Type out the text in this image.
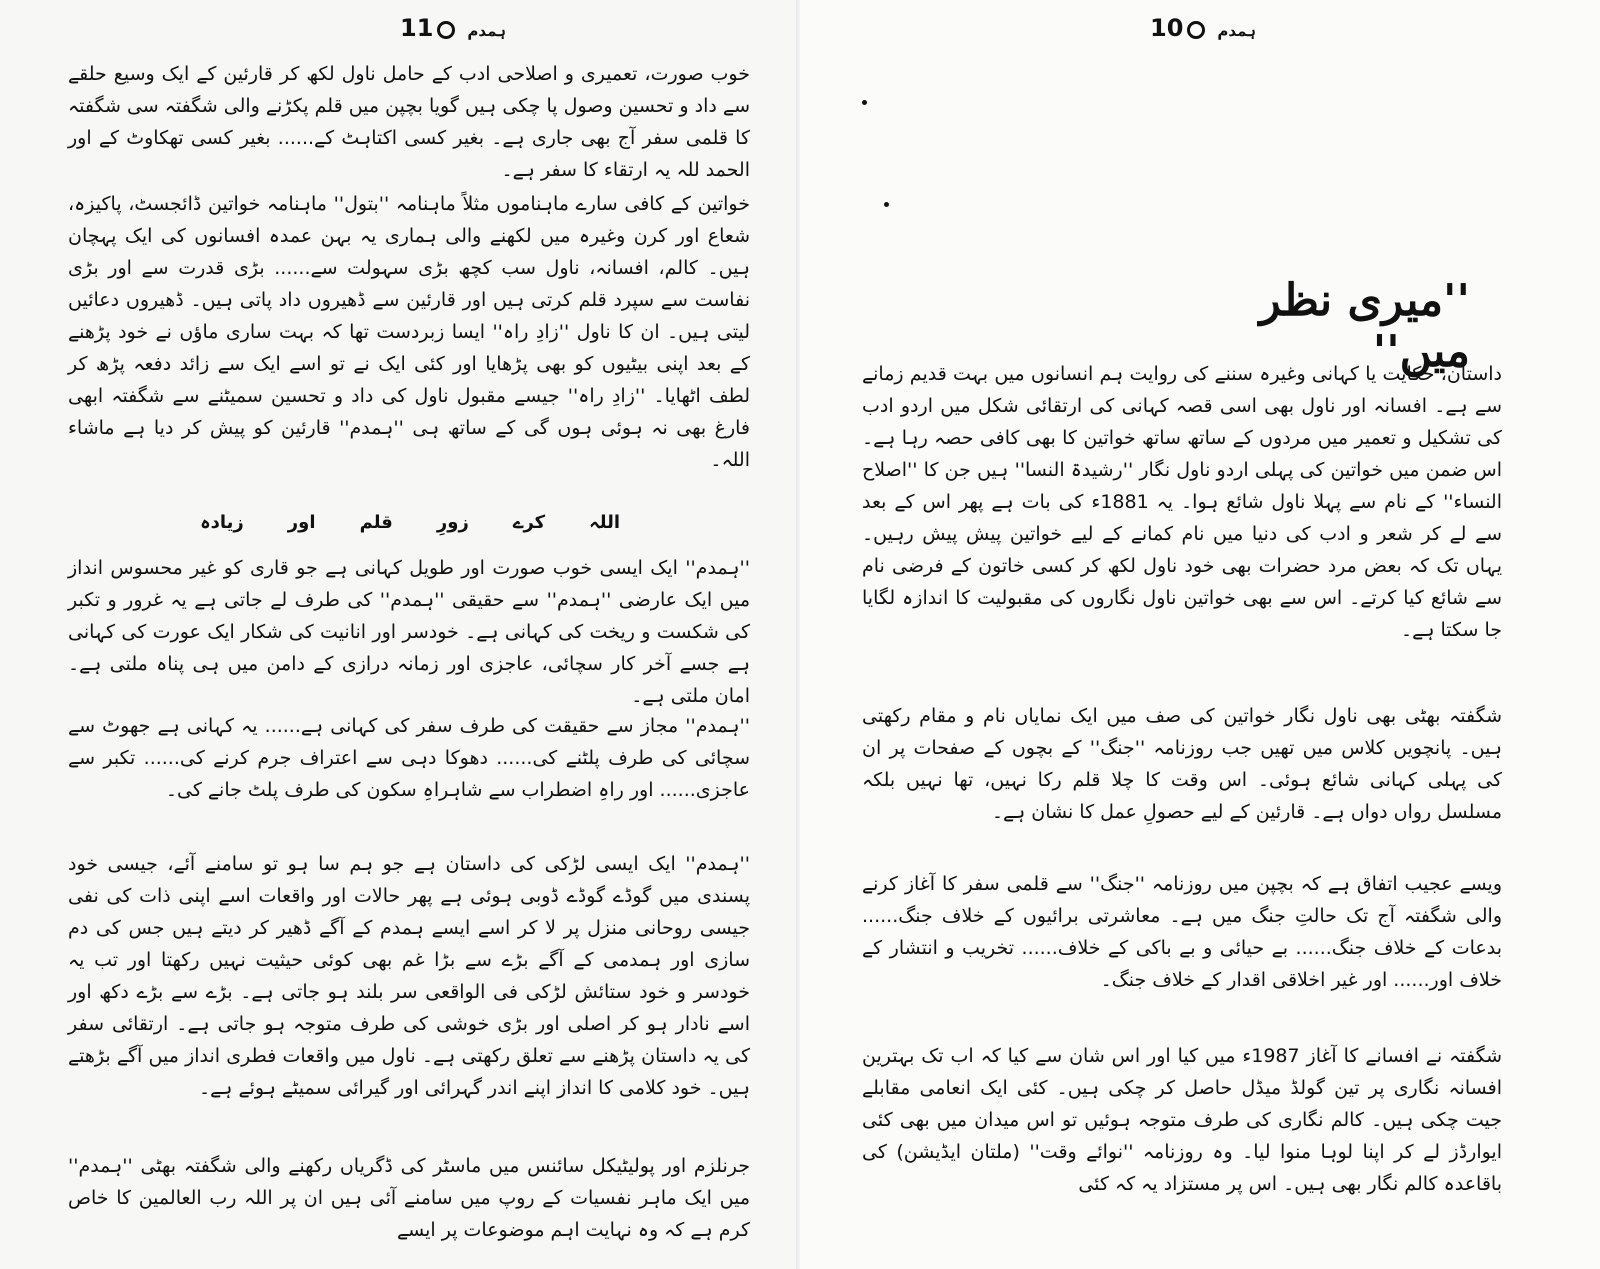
ہمدم11

خوب صورت، تعمیری و اصلاحی ادب کے حامل ناول لکھ کر قارئین کے ایک وسیع حلقے سے داد و تحسین وصول پا چکی ہیں گویا بچپن میں قلم پکڑنے والی شگفتہ سی شگفتہ کا قلمی سفر آج بھی جاری ہے۔ بغیر کسی اکتاہٹ کے...... بغیر کسی تھکاوٹ کے اور الحمد للہ یہ ارتقاء کا سفر ہے۔

خواتین کے کافی سارے ماہناموں مثلاً ماہنامہ ''بتول'' ماہنامہ خواتین ڈائجسٹ، پاکیزہ، شعاع اور کرن وغیرہ میں لکھنے والی ہماری یہ بہن عمدہ افسانوں کی ایک پہچان ہیں۔ کالم، افسانہ، ناول سب کچھ بڑی سہولت سے...... بڑی قدرت سے اور بڑی نفاست سے سپرد قلم کرتی ہیں اور قارئین سے ڈھیروں داد پاتی ہیں۔ ڈھیروں دعائیں لیتی ہیں۔ ان کا ناول ''زادِ راہ'' ایسا زبردست تھا کہ بہت ساری ماؤں نے خود پڑھنے کے بعد اپنی بیٹیوں کو بھی پڑھایا اور کئی ایک نے تو اسے ایک سے زائد دفعہ پڑھ کر لطف اٹھایا۔ ''زادِ راہ'' جیسے مقبول ناول کی داد و تحسین سمیٹنے سے شگفتہ ابھی فارغ بھی نہ ہوئی ہوں گی کے ساتھ ہی ''ہمدم'' قارئین کو پیش کر دیا ہے ماشاء اللہ۔

اللہ
کرے
زورِ
قلم
اور
زیادہ

''ہمدم'' ایک ایسی خوب صورت اور طویل کہانی ہے جو قاری کو غیر محسوس انداز میں ایک عارضی ''ہمدم'' سے حقیقی ''ہمدم'' کی طرف لے جاتی ہے یہ غرور و تکبر کی شکست و ریخت کی کہانی ہے۔ خودسر اور انانیت کی شکار ایک عورت کی کہانی ہے جسے آخر کار سچائی، عاجزی اور زمانہ درازی کے دامن میں ہی پناہ ملتی ہے۔ امان ملتی ہے۔

''ہمدم'' مجاز سے حقیقت کی طرف سفر کی کہانی ہے...... یہ کہانی ہے جھوٹ سے سچائی کی طرف پلٹنے کی...... دھوکا دہی سے اعتراف جرم کرنے کی...... تکبر سے عاجزی...... اور راہِ اضطراب سے شاہراہِ سکون کی طرف پلٹ جانے کی۔

''ہمدم'' ایک ایسی لڑکی کی داستان ہے جو ہم سا ہو تو سامنے آئے، جیسی خود پسندی میں گوڈے گوڈے ڈوبی ہوئی ہے پھر حالات اور واقعات اسے اپنی ذات کی نفی جیسی روحانی منزل پر لا کر اسے ایسے ہمدم کے آگے ڈھیر کر دیتے ہیں جس کی دم سازی اور ہمدمی کے آگے بڑے سے بڑا غم بھی کوئی حیثیت نہیں رکھتا اور تب یہ خودسر و خود ستائش لڑکی فی الواقعی سر بلند ہو جاتی ہے۔ بڑے سے بڑے دکھ اور اسے نادار ہو کر اصلی اور بڑی خوشی کی طرف متوجہ ہو جاتی ہے۔ ارتقائی سفر کی یہ داستان پڑھنے سے تعلق رکھتی ہے۔ ناول میں واقعات فطری انداز میں آگے بڑھتے ہیں۔ خود کلامی کا انداز اپنے اندر گہرائی اور گیرائی سمیٹے ہوئے ہے۔

جرنلزم اور پولیٹیکل سائنس میں ماسٹر کی ڈگریاں رکھنے والی شگفتہ بھٹی ''ہمدم'' میں ایک ماہر نفسیات کے روپ میں سامنے آئی ہیں ان پر اللہ رب العالمین کا خاص کرم ہے کہ وہ نہایت اہم موضوعات پر ایسے

ہمدم10
''میری نظر میں''

داستان، حکایت یا کہانی وغیرہ سننے کی روایت ہم انسانوں میں بہت قدیم زمانے سے ہے۔ افسانہ اور ناول بھی اسی قصہ کہانی کی ارتقائی شکل میں اردو ادب کی تشکیل و تعمیر میں مردوں کے ساتھ ساتھ خواتین کا بھی کافی حصہ رہا ہے۔ اس ضمن میں خواتین کی پہلی اردو ناول نگار ''رشیدۃ النسا'' ہیں جن کا ''اصلاح النساء'' کے نام سے پہلا ناول شائع ہوا۔ یہ 1881ء کی بات ہے پھر اس کے بعد سے لے کر شعر و ادب کی دنیا میں نام کمانے کے لیے خواتین پیش پیش رہیں۔ یہاں تک کہ بعض مرد حضرات بھی خود ناول لکھ کر کسی خاتون کے فرضی نام سے شائع کیا کرتے۔ اس سے بھی خواتین ناول نگاروں کی مقبولیت کا اندازہ لگایا جا سکتا ہے۔

شگفتہ بھٹی بھی ناول نگار خواتین کی صف میں ایک نمایاں نام و مقام رکھتی ہیں۔ پانچویں کلاس میں تھیں جب روزنامہ ''جنگ'' کے بچوں کے صفحات پر ان کی پہلی کہانی شائع ہوئی۔ اس وقت کا چلا قلم رکا نہیں، تھا نہیں بلکہ مسلسل رواں دواں ہے۔ قارئین کے لیے حصولِ عمل کا نشان ہے۔

ویسے عجیب اتفاق ہے کہ بچپن میں روزنامہ ''جنگ'' سے قلمی سفر کا آغاز کرنے والی شگفتہ آج تک حالتِ جنگ میں ہے۔ معاشرتی برائیوں کے خلاف جنگ...... بدعات کے خلاف جنگ...... بے حیائی و بے باکی کے خلاف...... تخریب و انتشار کے خلاف اور...... اور غیر اخلاقی اقدار کے خلاف جنگ۔

شگفتہ نے افسانے کا آغاز 1987ء میں کیا اور اس شان سے کیا کہ اب تک بہترین افسانہ نگاری پر تین گولڈ میڈل حاصل کر چکی ہیں۔ کئی ایک انعامی مقابلے جیت چکی ہیں۔ کالم نگاری کی طرف متوجہ ہوئیں تو اس میدان میں بھی کئی ایوارڈز لے کر اپنا لوہا منوا لیا۔ وہ روزنامہ ''نوائے وقت'' (ملتان ایڈیشن) کی باقاعدہ کالم نگار بھی ہیں۔ اس پر مستزاد یہ کہ کئی
